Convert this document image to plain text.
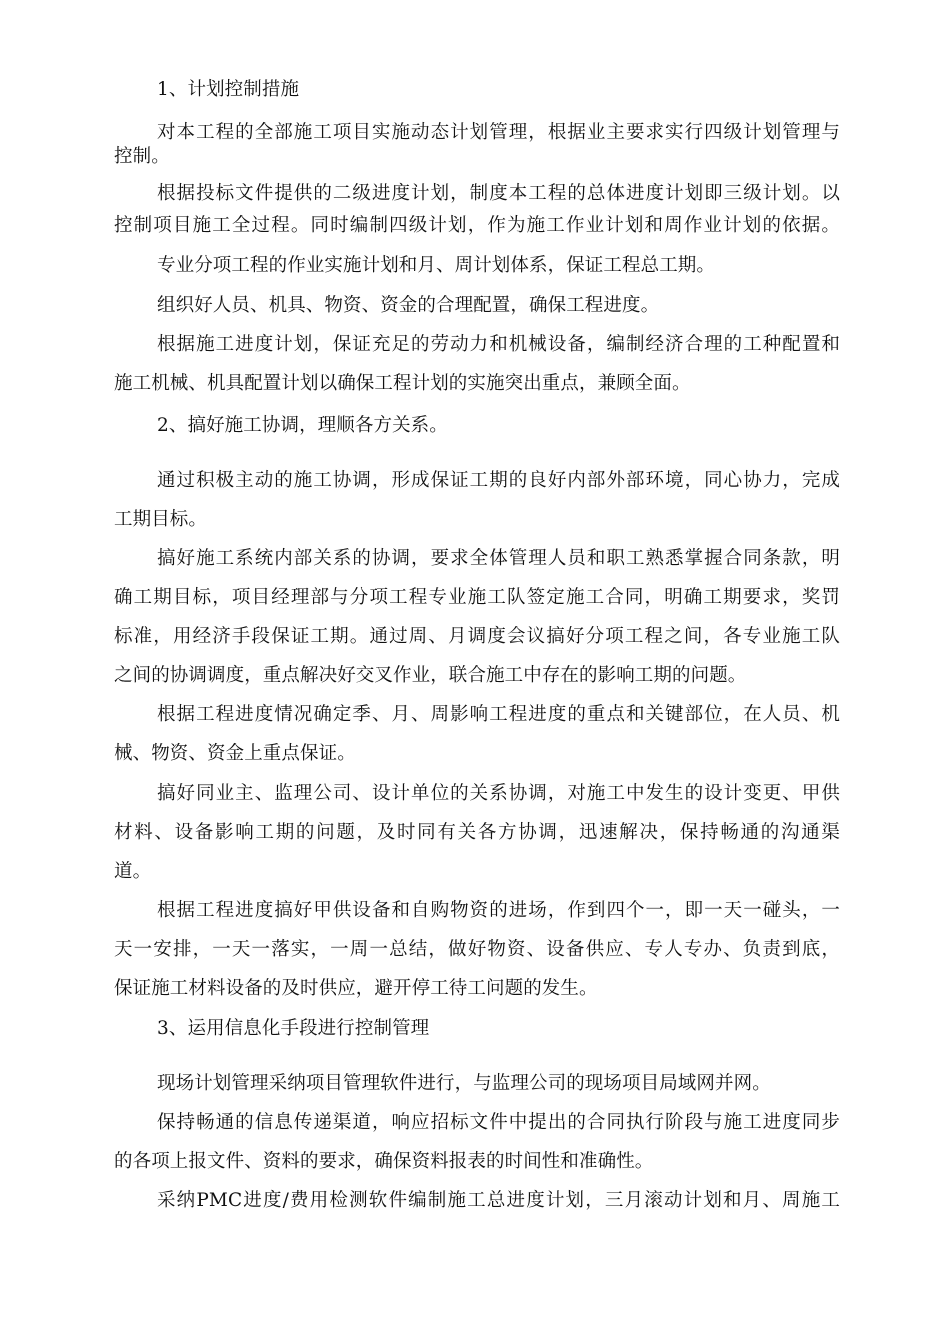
1、计划控制措施

对本工程的全部施工项目实施动态计划管理，根据业主要求实行四级计划管理与

控制。

根据投标文件提供的二级进度计划，制度本工程的总体进度计划即三级计划。以

控制项目施工全过程。同时编制四级计划，作为施工作业计划和周作业计划的依据。

专业分项工程的作业实施计划和月、周计划体系，保证工程总工期。

组织好人员、机具、物资、资金的合理配置，确保工程进度。

根据施工进度计划，保证充足的劳动力和机械设备，编制经济合理的工种配置和

施工机械、机具配置计划以确保工程计划的实施突出重点，兼顾全面。

2、搞好施工协调，理顺各方关系。

通过积极主动的施工协调，形成保证工期的良好内部外部环境，同心协力，完成

工期目标。

搞好施工系统内部关系的协调，要求全体管理人员和职工熟悉掌握合同条款，明

确工期目标，项目经理部与分项工程专业施工队签定施工合同，明确工期要求，奖罚

标准，用经济手段保证工期。通过周、月调度会议搞好分项工程之间，各专业施工队

之间的协调调度，重点解决好交叉作业，联合施工中存在的影响工期的问题。

根据工程进度情况确定季、月、周影响工程进度的重点和关键部位，在人员、机

械、物资、资金上重点保证。

搞好同业主、监理公司、设计单位的关系协调，对施工中发生的设计变更、甲供

材料、设备影响工期的问题，及时同有关各方协调，迅速解决，保持畅通的沟通渠

道。

根据工程进度搞好甲供设备和自购物资的进场，作到四个一，即一天一碰头，一

天一安排，一天一落实，一周一总结，做好物资、设备供应、专人专办、负责到底，

保证施工材料设备的及时供应，避开停工待工问题的发生。

3、运用信息化手段进行控制管理

现场计划管理采纳项目管理软件进行，与监理公司的现场项目局域网并网。

保持畅通的信息传递渠道，响应招标文件中提出的合同执行阶段与施工进度同步

的各项上报文件、资料的要求，确保资料报表的时间性和准确性。

采纳PMC进度/费用检测软件编制施工总进度计划，三月滚动计划和月、周施工
